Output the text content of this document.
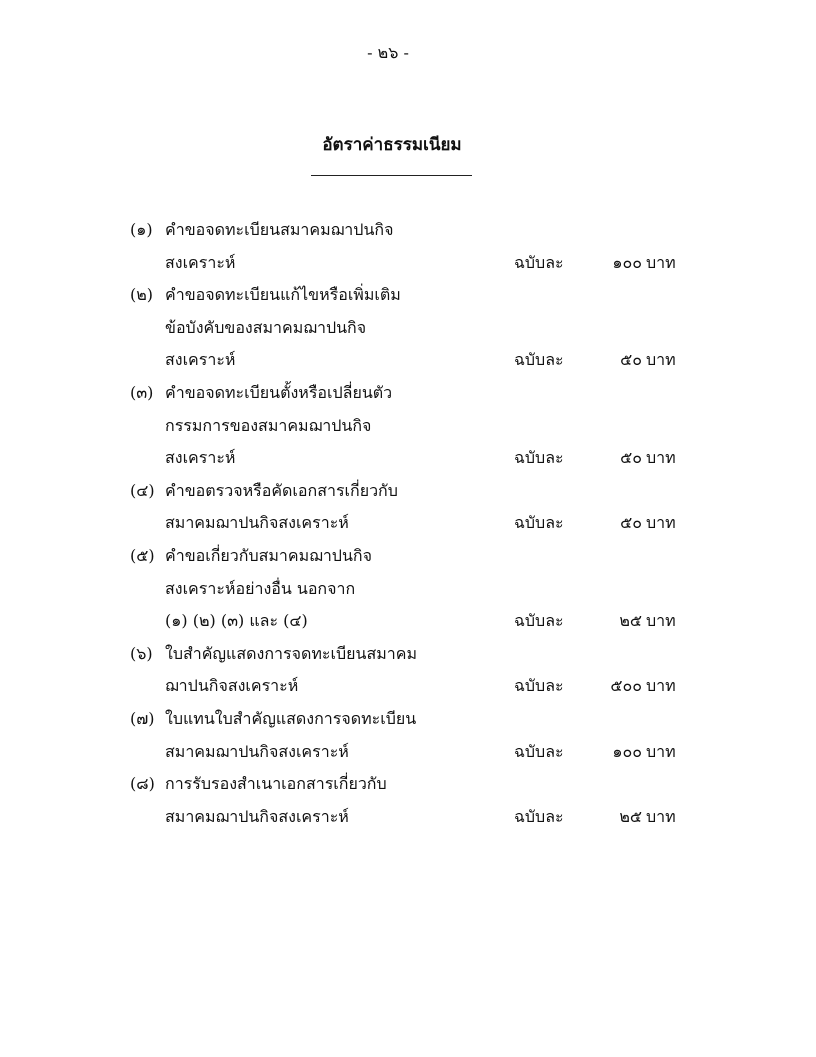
- ๒๖ -
อัตราค่าธรรมเนียม
(๑) คำขอจดทะเบียนสมาคมฌาปนกิจ
สงเคราะห์	ฉบับละ	๑๐๐ บาท
(๒) คำขอจดทะเบียนแก้ไขหรือเพิ่มเติม
ข้อบังคับของสมาคมฌาปนกิจ
สงเคราะห์	ฉบับละ	๕๐ บาท
(๓) คำขอจดทะเบียนตั้งหรือเปลี่ยนตัว
กรรมการของสมาคมฌาปนกิจ
สงเคราะห์	ฉบับละ	๕๐ บาท
(๔) คำขอตรวจหรือคัดเอกสารเกี่ยวกับ
สมาคมฌาปนกิจสงเคราะห์	ฉบับละ	๕๐ บาท
(๕) คำขอเกี่ยวกับสมาคมฌาปนกิจ
สงเคราะห์อย่างอื่น นอกจาก
(๑) (๒) (๓) และ (๔)	ฉบับละ	๒๕ บาท
(๖) ใบสำคัญแสดงการจดทะเบียนสมาคม
ฌาปนกิจสงเคราะห์	ฉบับละ	๕๐๐ บาท
(๗) ใบแทนใบสำคัญแสดงการจดทะเบียน
สมาคมฌาปนกิจสงเคราะห์	ฉบับละ	๑๐๐ บาท
(๘) การรับรองสำเนาเอกสารเกี่ยวกับ
สมาคมฌาปนกิจสงเคราะห์	ฉบับละ	๒๕ บาท
